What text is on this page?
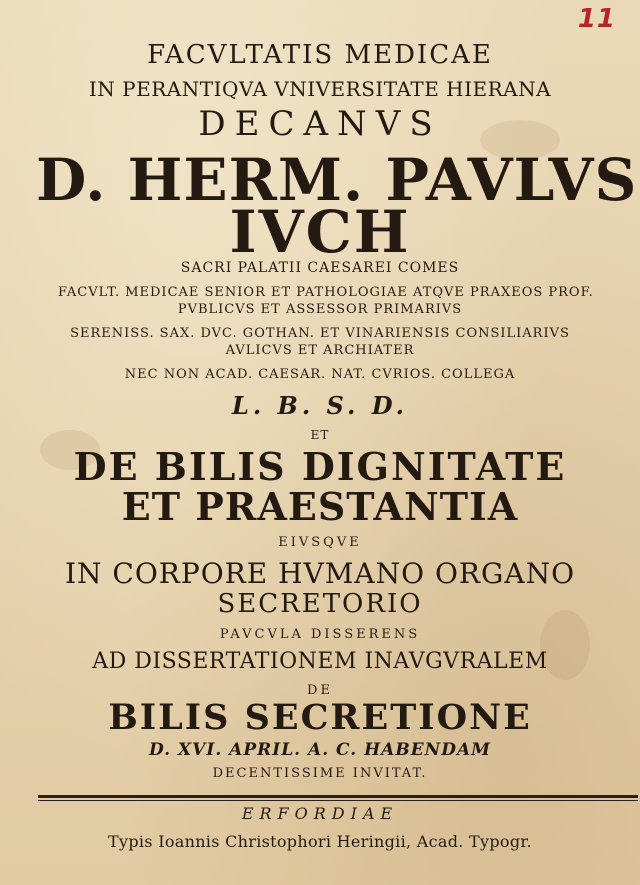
11
FACVLTATIS MEDICAE
IN PERANTIQVA VNIVERSITATE HIERANA
DECANVS
D. HERM. PAVLVS
IVCH
SACRI PALATII CAESAREI COMES
FACVLT. MEDICAE SENIOR ET PATHOLOGIAE ATQVE PRAXEOS PROF.
PVBLICVS ET ASSESSOR PRIMARIVS
SERENISS. SAX. DVC. GOTHAN. ET VINARIENSIS CONSILIARIVS
AVLICVS ET ARCHIATER
NEC NON ACAD. CAESAR. NAT. CVRIOS. COLLEGA
L. B. S. D.
ET
DE BILIS DIGNITATE
ET PRAESTANTIA
EIVSQVE
IN CORPORE HVMANO ORGANO
SECRETORIO
PAVCVLA DISSERENS
AD DISSERTATIONEM INAVGVRALEM
DE
BILIS SECRETIONE
D. XVI. APRIL. A. C. HABENDAM
DECENTISSIME INVITAT.
ERFORDIAE
Typis Ioannis Christophori Heringii, Acad. Typogr.
